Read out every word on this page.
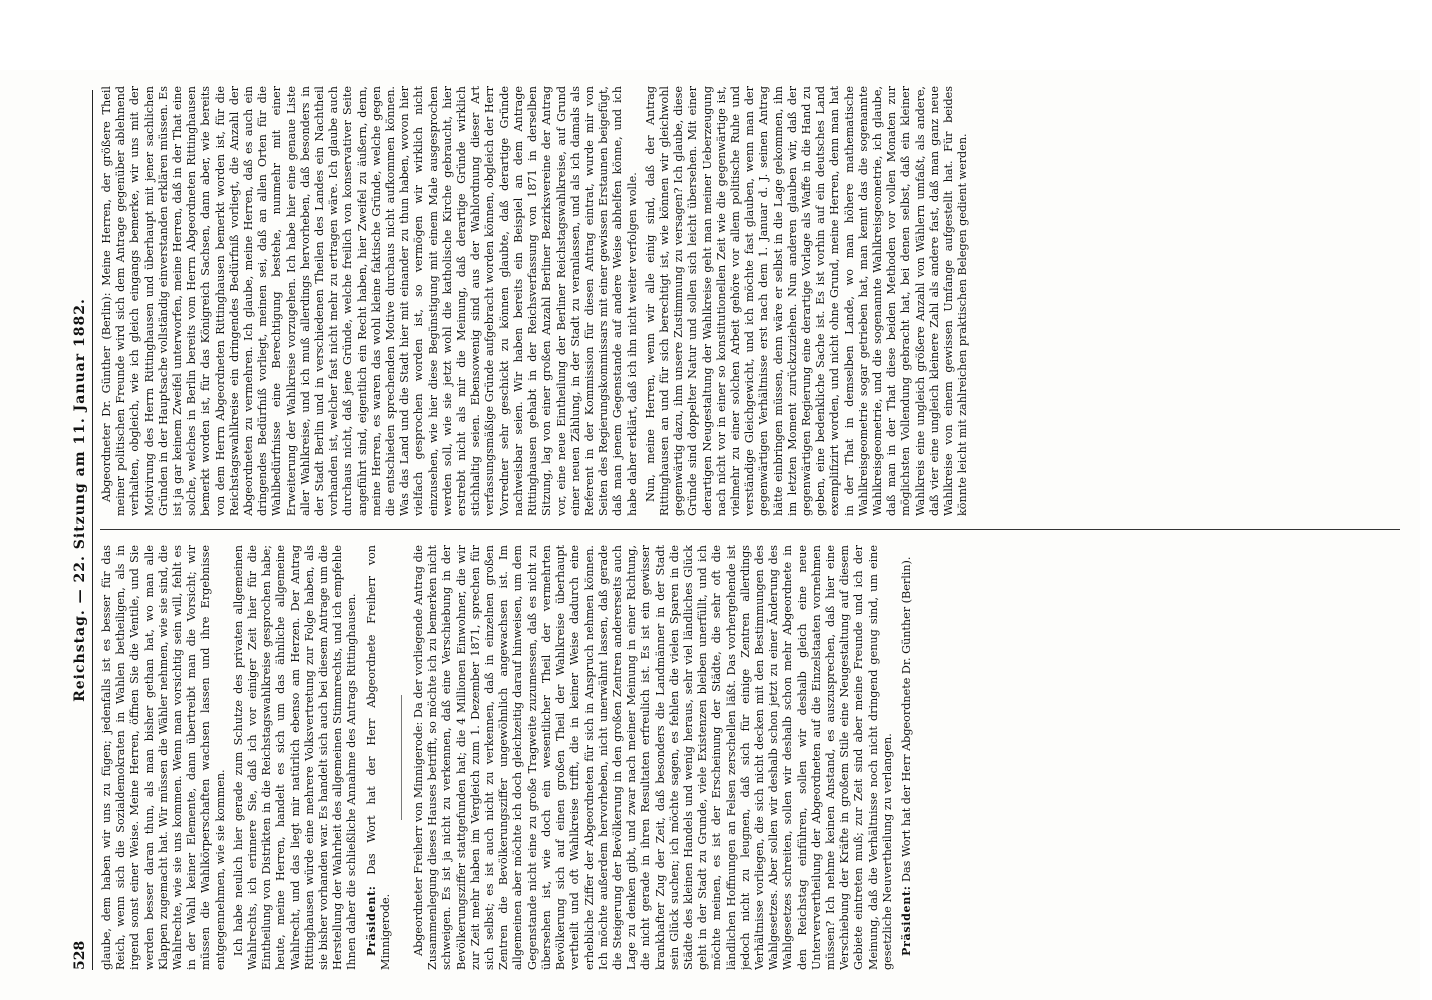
528
Reichstag. — 22. Sitzung am 11. Januar 1882.

glaube, dem haben wir uns zu fügen; jedenfalls ist es besser für das Reich, wenn sich die Sozialdemokraten in Wahlen betheiligen, als in irgend sonst einer Weise. Meine Herren, öffnen Sie die Ventile, und Sie werden besser daran thun, als man bisher gethan hat, wo man alle Klappen zugemacht hat. Wir müssen die Wähler nehmen, wie sie sind, die Wahlrechte, wie sie uns kommen. Wenn man vorsichtig sein will, fehlt es in der Wahl keiner Elemente, dann übertreibt man die Vorsicht; wir müssen die Wahlkörperschaften wachsen lassen und ihre Ergebnisse entgegennehmen, wie sie kommen. Ich habe neulich hier gerade zum Schutze des privaten allgemeinen Wahlrechts, ich erinnere Sie, daß ich vor einiger Zeit hier für die Eintheilung von Distrikten in die Reichstagswahlkreise gesprochen habe; heute, meine Herren, handelt es sich um das ähnliche allgemeine Wahlrecht, und das liegt mir natürlich ebenso am Herzen. Der Antrag Rittinghausen würde eine mehrere Volksvertretung zur Folge haben, als sie bisher vorhanden war. Es handelt sich auch bei diesem Antrage um die Herstellung der Wahrheit des allgemeinen Stimmrechts, und ich empfehle Ihnen daher die schließliche Annahme des Antrags Rittinghausen. Präsident: Das Wort hat der Herr Abgeordnete Freiherr von Minnigerode. Abgeordneter Freiherr von Minnigerode: Da der vorliegende Antrag die Zusammenlegung dieses Hauses betrifft, so möchte ich zu bemerken nicht schweigen. Es ist ja nicht zu verkennen, daß eine Verschiebung in der Bevölkerungsziffer stattgefunden hat; die 4 Millionen Einwohner, die wir zur Zeit mehr haben im Vergleich zum 1. Dezember 1871, sprechen für sich selbst; es ist auch nicht zu verkennen, daß in einzelnen großen Zentren die Bevölkerungsziffer ungewöhnlich angewachsen ist. Im allgemeinen aber möchte ich doch gleichzeitig darauf hinweisen, um dem Gegenstande nicht eine zu große Tragweite zuzumessen, daß es nicht zu übersehen ist, wie doch ein wesentlicher Theil der vermehrten Bevölkerung sich auf einen großen Theil der Wahlkreise überhaupt vertheilt und oft Wahlkreise trifft, die in keiner Weise dadurch eine erhebliche Ziffer der Abgeordneten für sich in Anspruch nehmen können. Ich möchte außerdem hervorheben, nicht unerwähnt lassen, daß gerade die Steigerung der Bevölkerung in den großen Zentren andererseits auch Lage zu denken gibt, und zwar nach meiner Meinung in einer Richtung, die nicht gerade in ihren Resultaten erfreulich ist. Es ist ein gewisser krankhafter Zug der Zeit, daß besonders die Landmänner in der Stadt sein Glück suchen; ich möchte sagen, es fehlen die vielen Sparen in die Städte des kleinen Handels und wenig heraus, sehr viel ländliches Glück geht in der Stadt zu Grunde, viele Existenzen bleiben unerfüllt, und ich möchte meinen, es ist der Erscheinung der Städte, die sehr oft die ländlichen Hoffnungen an Felsen zerschellen läßt. Das vorhergehende ist jedoch nicht zu leugnen, daß sich für einige Zentren allerdings Verhältnisse vorliegen, die sich nicht decken mit den Bestimmungen des Wahlgesetzes. Aber sollen wir deshalb schon jetzt zu einer Änderung des Wahlgesetzes schreiten, sollen wir deshalb schon mehr Abgeordnete in den Reichstag einführen, sollen wir deshalb gleich eine neue Unterververtheilung der Abgeordneten auf die Einzelstaaten vornehmen müssen? Ich nehme keinen Anstand, es auszusprechen, daß hier eine Verschiebung der Kräfte in großem Stile eine Neugestaltung auf diesem Gebiete eintreten muß; zur Zeit sind aber meine Freunde und ich der Meinung, daß die Verhältnisse noch nicht dringend genug sind, um eine gesetzliche Neuvertheilung zu verlangen. Präsident: Das Wort hat der Herr Abgeordnete Dr. Günther (Berlin).

Abgeordneter Dr. Günther (Berlin): Meine Herren, der größere Theil meiner politischen Freunde wird sich dem Antrage gegenüber ablehnend verhalten, obgleich, wie ich gleich eingangs bemerke, wir uns mit der Motivirung des Herrn Rittinghausen und überhaupt mit jener sachlichen Gründen in der Hauptsache vollständig einverstanden erklären müssen. Es ist ja gar keinem Zweifel unterworfen, meine Herren, daß in der That eine solche, welches in Berlin bereits vom Herrn Abgeordneten Rittinghausen bemerkt worden ist, für das Königreich Sachsen, dann aber, wie bereits von dem Herrn Abgeordneten Rittinghausen bemerkt worden ist, für die Reichstagswahlkreise ein dringendes Bedürfniß vorliegt, die Anzahl der Abgeordneten zu vermehren. Ich glaube, meine Herren, daß es auch ein dringendes Bedürfniß vorliegt, meinen sei, daß an allen Orten für die Wahlbedürfnisse eine Berechtigung bestehe, nunmehr mit einer Erweiterung der Wahlkreise vorzugehen. Ich habe hier eine genaue Liste aller Wahlkreise, und ich muß allerdings hervorheben, daß besonders in der Stadt Berlin und in verschiedenen Theilen des Landes ein Nachtheil vorhanden ist, welcher fast nicht mehr zu ertragen wäre. Ich glaube auch durchaus nicht, daß jene Gründe, welche freilich von konservativer Seite angeführt sind, eigentlich ein Recht haben, hier Zweifel zu äußern, denn, meine Herren, es waren das wohl kleine faktische Gründe, welche gegen die entschieden sprechenden Motive durchaus nicht aufkommen können. Was das Land und die Stadt hier mit einander zu thun haben, wovon hier vielfach gesprochen worden ist, so vermögen wir wirklich nicht einzusehen, wie hier diese Begünstigung mit einem Male ausgesprochen werden soll, wie sie jetzt wohl die katholische Kirche gebraucht, hier erstrebt nicht als mir die Meinung, daß derartige Gründe wirklich stichhaltig seien. Ebensowenig sind aus der Wahlordnung dieser Art verfassungsmäßige Gründe aufgebracht worden können, obgleich der Herr Vorredner sehr geschickt zu können glaubte, daß derartige Gründe nachweisbar seien. Wir haben bereits ein Beispiel an dem Antrage Rittinghausen gehabt in der Reichsverfassung von 1871 in derselben Sitzung, lag von einer großen Anzahl Berliner Bezirksvereine der Antrag vor, eine neue Eintheilung der Berliner Reichstagswahlkreise, auf Grund einer neuen Zählung, in der Stadt zu veranlassen, und als ich damals als Referent in der Kommission für diesen Antrag eintrat, wurde mir von Seiten des Regierungskommissars mit einer gewissen Erstaunen beigefügt, daß man jenem Gegenstande auf andere Weise abhelfen könne, und ich habe daher erklärt, daß ich ihn nicht weiter verfolgen wolle. Nun, meine Herren, wenn wir alle einig sind, daß der Antrag Rittinghausen an und für sich berechtigt ist, wie können wir gleichwohl gegenwärtig dazu, ihm unsere Zustimmung zu versagen? Ich glaube, diese Gründe sind doppelter Natur und sollen sich leicht übersehen. Mit einer derartigen Neugestaltung der Wahlkreise geht man meiner Ueberzeugung nach nicht vor in einer so konstitutionellen Zeit wie die gegenwärtige ist, vielmehr zu einer solchen Arbeit gehöre vor allem politische Ruhe und verständige Gleichgewicht, und ich möchte fast glauben, wenn man der gegenwärtigen Verhältnisse erst nach dem 1. Januar d. J. seinen Antrag hätte einbringen müssen, denn wäre er selbst in die Lage gekommen, ihn im letzten Moment zurückzuziehen. Nun anderen glauben wir, daß der gegenwärtigen Regierung eine derartige Vorlage als Waffe in die Hand zu geben, eine bedenkliche Sache ist. Es ist vorhin auf ein deutsches Land exemplifizirt worden, und nicht ohne Grund, meine Herren, denn man hat in der That in demselben Lande, wo man höhere mathematische Wahlkreisgeometrie sogar getrieben hat, man kennt das die sogenannte Wahlkreisgeometrie, und die sogenannte Wahlkreisgeometrie, ich glaube, daß man in der That diese beiden Methoden vor vollen Monaten zur möglichsten Vollendung gebracht hat, bei denen selbst, daß ein kleiner Wahlkreis eine ungleich größere Anzahl von Wählern umfaßt, als andere, daß vier eine ungleich kleinere Zahl als andere fast, daß man ganz neue Wahlkreise von einem gewissen Umfange aufgestellt hat. Für beides könnte leicht mit zahlreichen praktischen Belegen gedient werden.
